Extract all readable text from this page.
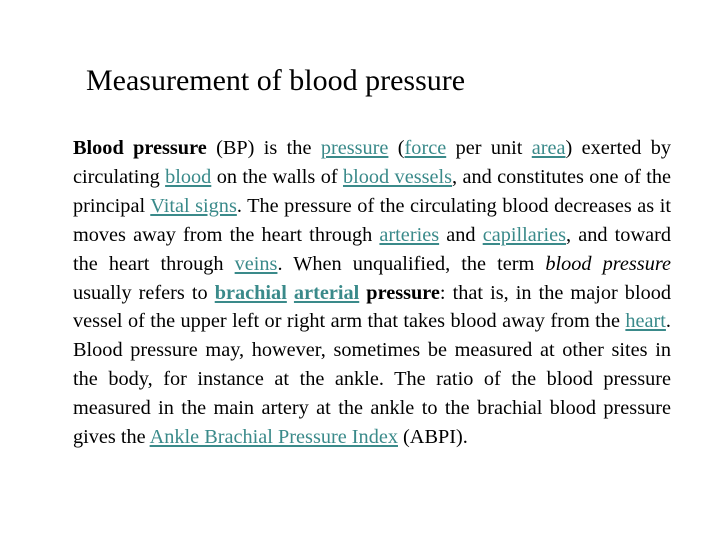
Measurement of blood pressure

Blood pressure (BP) is the pressure (force per unit area) exerted by circulating blood on the walls of blood vessels, and constitutes one of the principal Vital signs. The pressure of the circulating blood decreases as it moves away from the heart through arteries and capillaries, and toward the heart through veins. When unqualified, the term blood pressure usually refers to brachial arterial pressure: that is, in the major blood vessel of the upper left or right arm that takes blood away from the heart. Blood pressure may, however, sometimes be measured at other sites in the body, for instance at the ankle. The ratio of the blood pressure measured in the main artery at the ankle to the brachial blood pressure gives the Ankle Brachial Pressure Index (ABPI).
